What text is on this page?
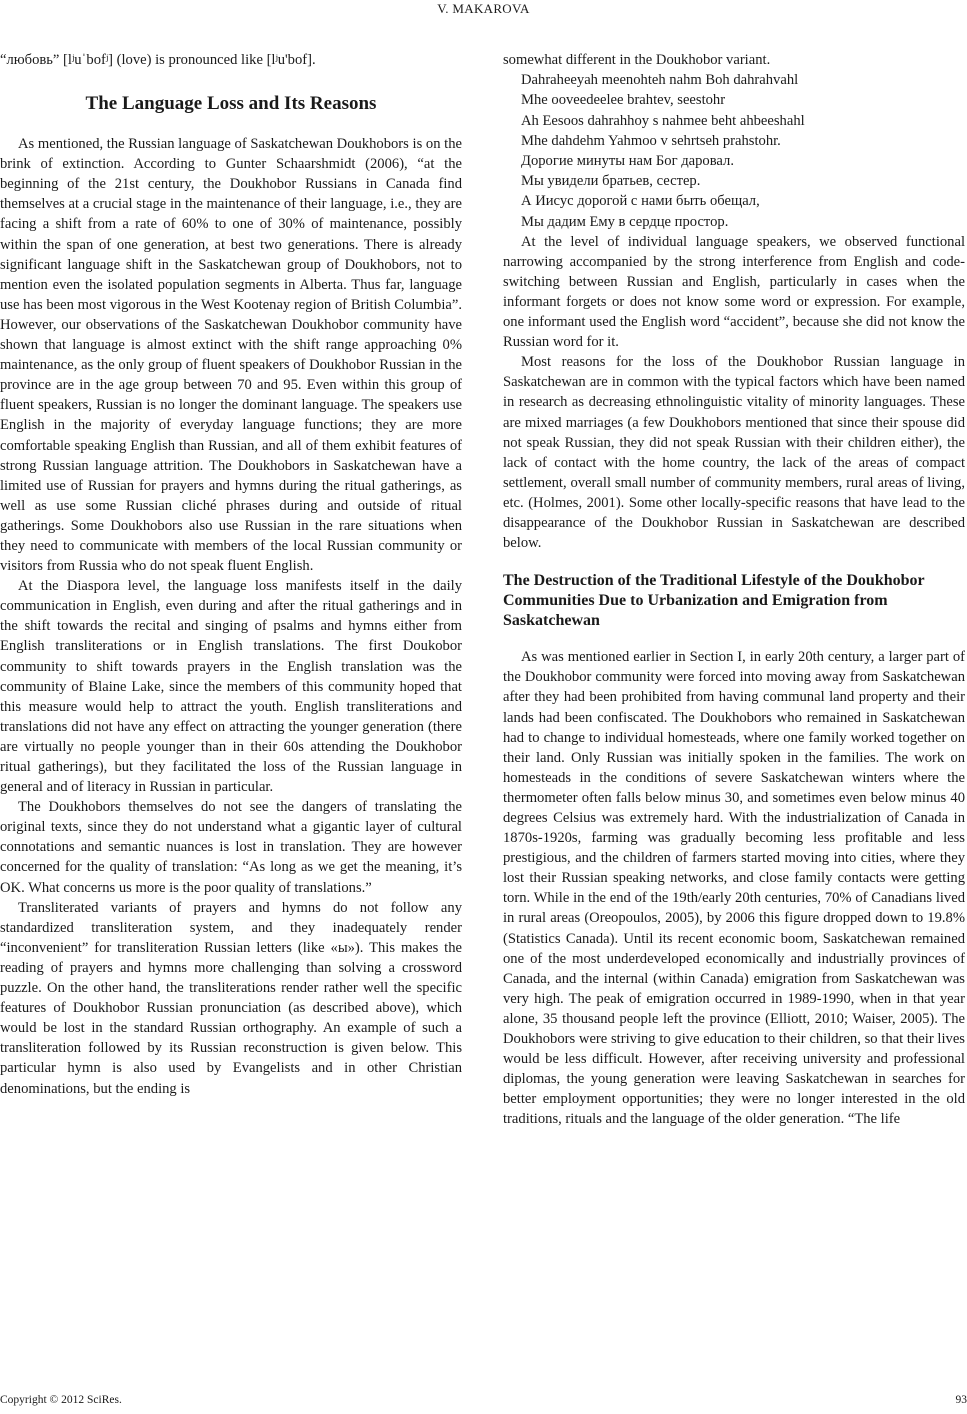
V. MAKAROVA

“любовь” [lʲuˈbofʲ] (love) is pronounced like [lʲu'bof].

The Language Loss and Its Reasons

As mentioned, the Russian language of Saskatchewan Doukhobors is on the brink of extinction. According to Gunter Schaarshmidt (2006), “at the beginning of the 21st century, the Doukhobor Russians in Canada find themselves at a crucial stage in the maintenance of their language, i.e., they are facing a shift from a rate of 60% to one of 30% of maintenance, possibly within the span of one generation, at best two generations. There is already significant language shift in the Saskatchewan group of Doukhobors, not to mention even the isolated population segments in Alberta. Thus far, language use has been most vigorous in the West Kootenay region of British Columbia”. However, our observations of the Saskatchewan Doukhobor community have shown that language is almost extinct with the shift range approaching 0% maintenance, as the only group of fluent speakers of Doukhobor Russian in the province are in the age group between 70 and 95. Even within this group of fluent speakers, Russian is no longer the dominant language. The speakers use English in the majority of everyday language functions; they are more comfortable speaking English than Russian, and all of them exhibit features of strong Russian language attrition. The Doukhobors in Saskatchewan have a limited use of Russian for prayers and hymns during the ritual gatherings, as well as use some Russian cliché phrases during and outside of ritual gatherings. Some Doukhobors also use Russian in the rare situations when they need to communicate with members of the local Russian community or visitors from Russia who do not speak fluent English.

At the Diaspora level, the language loss manifests itself in the daily communication in English, even during and after the ritual gatherings and in the shift towards the recital and singing of psalms and hymns either from English transliterations or in English translations. The first Doukobor community to shift towards prayers in the English translation was the community of Blaine Lake, since the members of this community hoped that this measure would help to attract the youth. English transliterations and translations did not have any effect on attracting the younger generation (there are virtually no people younger than in their 60s attending the Doukhobor ritual gatherings), but they facilitated the loss of the Russian language in general and of literacy in Russian in particular.

The Doukhobors themselves do not see the dangers of translating the original texts, since they do not understand what a gigantic layer of cultural connotations and semantic nuances is lost in translation. They are however concerned for the quality of translation: “As long as we get the meaning, it’s OK. What concerns us more is the poor quality of translations.”

Transliterated variants of prayers and hymns do not follow any standardized transliteration system, and they inadequately render “inconvenient” for transliteration Russian letters (like «ы»). This makes the reading of prayers and hymns more challenging than solving a crossword puzzle. On the other hand, the transliterations render rather well the specific features of Doukhobor Russian pronunciation (as described above), which would be lost in the standard Russian orthography. An example of such a transliteration followed by its Russian reconstruction is given below. This particular hymn is also used by Evangelists and in other Christian denominations, but the ending is

somewhat different in the Doukhobor variant.

Dahraheeyah meenohteh nahm Boh dahrahvahl
Mhe ooveedeelee brahtev, seestohr
Ah Eesoos dahrahhoy s nahmee beht ahbeeshahl
Mhe dahdehm Yahmoo v sehrtseh prahstohr.
Дорогие минуты нам Бог даровал.
Мы увидели братьев, сестер.
А Иисус дорогой с нами быть обещал,
Мы дадим Ему в сердце простор.

At the level of individual language speakers, we observed functional narrowing accompanied by the strong interference from English and code-switching between Russian and English, particularly in cases when the informant forgets or does not know some word or expression. For example, one informant used the English word “accident”, because she did not know the Russian word for it.

Most reasons for the loss of the Doukhobor Russian language in Saskatchewan are in common with the typical factors which have been named in research as decreasing ethnolinguistic vitality of minority languages. These are mixed marriages (a few Doukhobors mentioned that since their spouse did not speak Russian, they did not speak Russian with their children either), the lack of contact with the home country, the lack of the areas of compact settlement, overall small number of community members, rural areas of living, etc. (Holmes, 2001). Some other locally-specific reasons that have lead to the disappearance of the Doukhobor Russian in Saskatchewan are described below.

The Destruction of the Traditional Lifestyle of the Doukhobor Communities Due to Urbanization and Emigration from Saskatchewan

As was mentioned earlier in Section I, in early 20th century, a larger part of the Doukhobor community were forced into moving away from Saskatchewan after they had been prohibited from having communal land property and their lands had been confiscated. The Doukhobors who remained in Saskatchewan had to change to individual homesteads, where one family worked together on their land. Only Russian was initially spoken in the families. The work on homesteads in the conditions of severe Saskatchewan winters where the thermometer often falls below minus 30, and sometimes even below minus 40 degrees Celsius was extremely hard. With the industrialization of Canada in 1870s-1920s, farming was gradually becoming less profitable and less prestigious, and the children of farmers started moving into cities, where they lost their Russian speaking networks, and close family contacts were getting torn. While in the end of the 19th/early 20th centuries, 70% of Canadians lived in rural areas (Oreopoulos, 2005), by 2006 this figure dropped down to 19.8% (Statistics Canada). Until its recent economic boom, Saskatchewan remained one of the most underdeveloped economically and industrially provinces of Canada, and the internal (within Canada) emigration from Saskatchewan was very high. The peak of emigration occurred in 1989-1990, when in that year alone, 35 thousand people left the province (Elliott, 2010; Waiser, 2005). The Doukhobors were striving to give education to their children, so that their lives would be less difficult. However, after receiving university and professional diplomas, the young generation were leaving Saskatchewan in searches for better employment opportunities; they were no longer interested in the old traditions, rituals and the language of the older generation. “The life

Copyright © 2012 SciRes.	93
